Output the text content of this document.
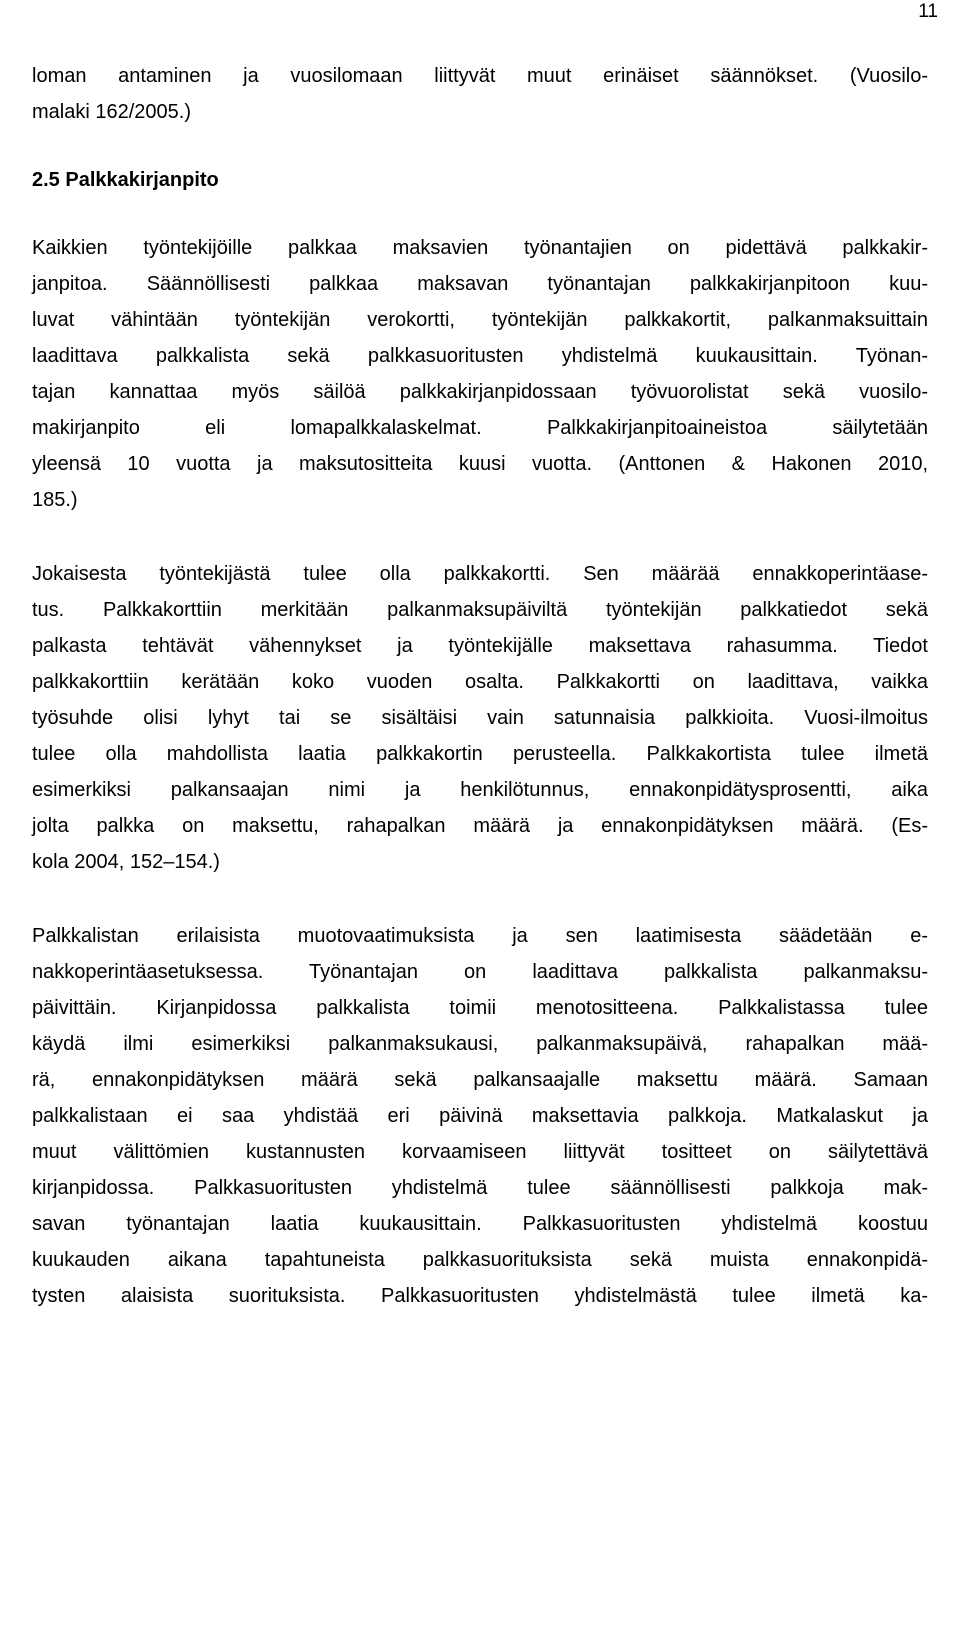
11
loman antaminen ja vuosilomaan liittyvät muut erinäiset säännökset. (Vuosilo-
malaki 162/2005.)
2.5 Palkkakirjanpito
Kaikkien työntekijöille palkkaa maksavien työnantajien on pidettävä palkkakir-
janpitoa. Säännöllisesti palkkaa maksavan työnantajan palkkakirjanpitoon kuu-
luvat vähintään työntekijän verokortti, työntekijän palkkakortit, palkanmaksuittain
laadittava palkkalista sekä palkkasuoritusten yhdistelmä kuukausittain. Työnan-
tajan kannattaa myös säilöä palkkakirjanpidossaan työvuorolistat sekä vuosilo-
makirjanpito eli lomapalkkalaskelmat. Palkkakirjanpitoaineistoa säilytetään
yleensä 10 vuotta ja maksutositteita kuusi vuotta. (Anttonen & Hakonen 2010,
185.)
Jokaisesta työntekijästä tulee olla palkkakortti. Sen määrää ennakkoperintäase-
tus. Palkkakorttiin merkitään palkanmaksupäiviltä työntekijän palkkatiedot sekä
palkasta tehtävät vähennykset ja työntekijälle maksettava rahasumma. Tiedot
palkkakorttiin kerätään koko vuoden osalta. Palkkakortti on laadittava, vaikka
työsuhde olisi lyhyt tai se sisältäisi vain satunnaisia palkkioita. Vuosi-ilmoitus
tulee olla mahdollista laatia palkkakortin perusteella. Palkkakortista tulee ilmetä
esimerkiksi palkansaajan nimi ja henkilötunnus, ennakonpidätysprosentti, aika
jolta palkka on maksettu, rahapalkan määrä ja ennakonpidätyksen määrä. (Es-
kola 2004, 152–154.)
Palkkalistan erilaisista muotovaatimuksista ja sen laatimisesta säädetään e-
nakkoperintäasetuksessa. Työnantajan on laadittava palkkalista palkanmaksu-
päivittäin. Kirjanpidossa palkkalista toimii menotositteena. Palkkalistassa tulee
käydä ilmi esimerkiksi palkanmaksukausi, palkanmaksupäivä, rahapalkan mää-
rä, ennakonpidätyksen määrä sekä palkansaajalle maksettu määrä. Samaan
palkkalistaan ei saa yhdistää eri päivinä maksettavia palkkoja. Matkalaskut ja
muut välittömien kustannusten korvaamiseen liittyvät tositteet on säilytettävä
kirjanpidossa. Palkkasuoritusten yhdistelmä tulee säännöllisesti palkkoja mak-
savan työnantajan laatia kuukausittain. Palkkasuoritusten yhdistelmä koostuu
kuukauden aikana tapahtuneista palkkasuorituksista sekä muista ennakonpidä-
tysten alaisista suorituksista. Palkkasuoritusten yhdistelmästä tulee ilmetä ka-
